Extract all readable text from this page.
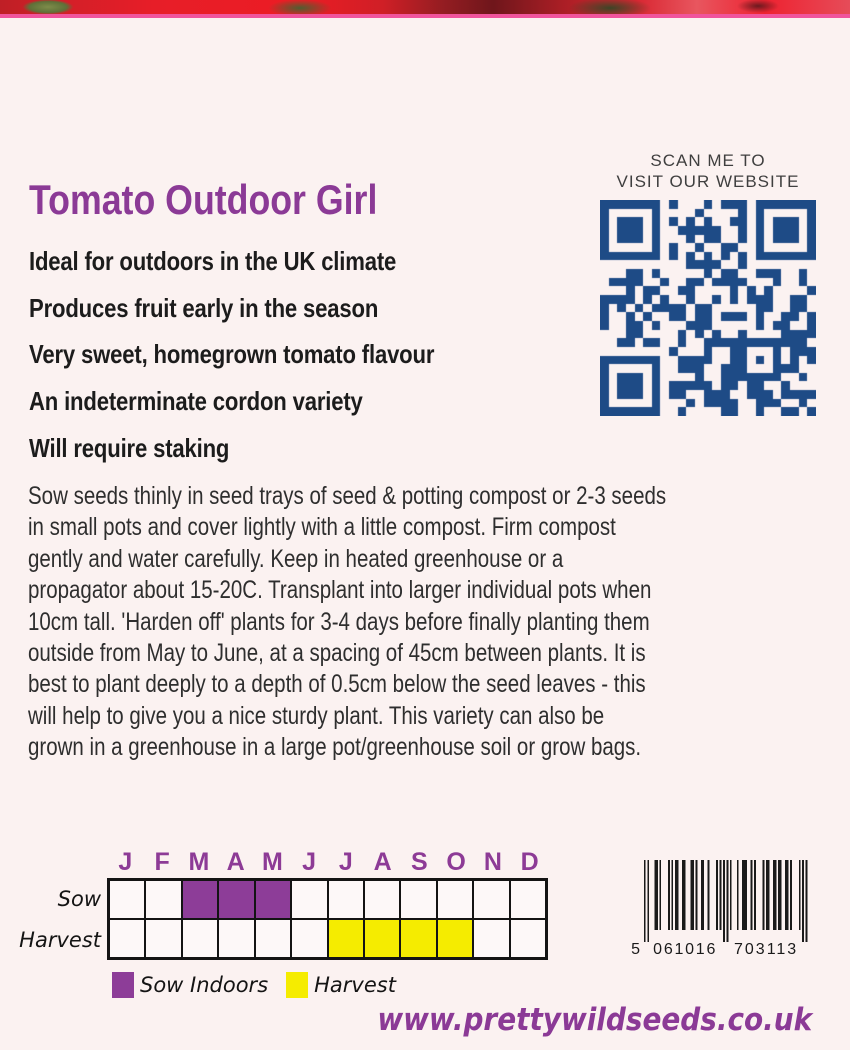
SCAN ME TO
VISIT OUR WEBSITE
Tomato Outdoor Girl
Ideal for outdoors in the UK climate
Produces fruit early in the season
Very sweet, homegrown tomato flavour
An indeterminate cordon variety
Will require staking
Sow seeds thinly in seed trays of seed & potting compost or 2-3 seeds
in small pots and cover lightly with a little compost. Firm compost
gently and water carefully. Keep in heated greenhouse or a
propagator about 15-20C. Transplant into larger individual pots when
10cm tall. 'Harden off' plants for 3-4 days before finally planting them
outside from May to June, at a spacing of 45cm between plants. It is
best to plant deeply to a depth of 0.5cm below the seed leaves - this
will help to give you a nice sturdy plant. This variety can also be
grown in a greenhouse in a large pot/greenhouse soil or grow bags.
J F M A M J J A S O N D
Sow
Harvest
Sow Indoors Harvest
5 061016 703113
www.prettywildseeds.co.uk
